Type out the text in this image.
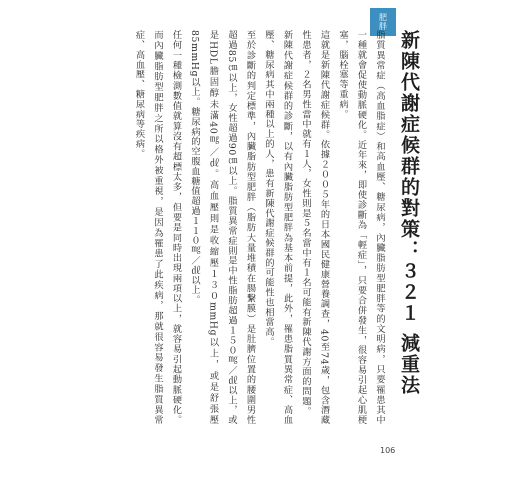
肥胖
新陳代謝症候群的對策：３２１ 減重法

脂質異常症（高血脂症）和高血壓、糖尿病，內臟脂肪型肥胖等的文明病，只要罹患其中一種就會促使動脈硬化。近年來，即使診斷為「輕症」，只要合併發生，很容易引起心肌梗塞，腦栓塞等重病。

這就是新陳代謝症候群。依據２００５年的日本國民健康營養調查，40至74歲，包含潛藏性患者，２名男性當中就有１人，女性則是５名當中有１名可能有新陳代謝方面的問題。

新陳代謝症候群的診斷，以有內臟脂肪型肥胖為基本前提，此外，罹患脂質異常症、高血壓、糖尿病其中兩種以上的人，患有新陳代謝症候群的可能性也相當高。

至於診斷的判定標準，內臟脂肪型肥胖（脂肪大量堆積在腸繫膜）是肚臍位置的腰圍男性超過85㎝以上，女性超過90㎝以上。脂質異常症則是中性脂肪超過１５０㎎／㎗以上，或是HDL膽固醇未滿40㎎／㎗。高血壓則是收縮壓１３０mmHg以上，或是舒張壓85mmHg以上。糖尿病的空腹血糖值超過１１０㎎／㎗以上。

任何一種檢測數值就算沒有超標太多，但要是同時出現兩項以上，就容易引起動脈硬化。而內臟脂肪型肥胖之所以格外被重視，是因為罹患了此疾病，那就很容易發生脂質異常症、高血壓、糖尿病等疾病。

106
